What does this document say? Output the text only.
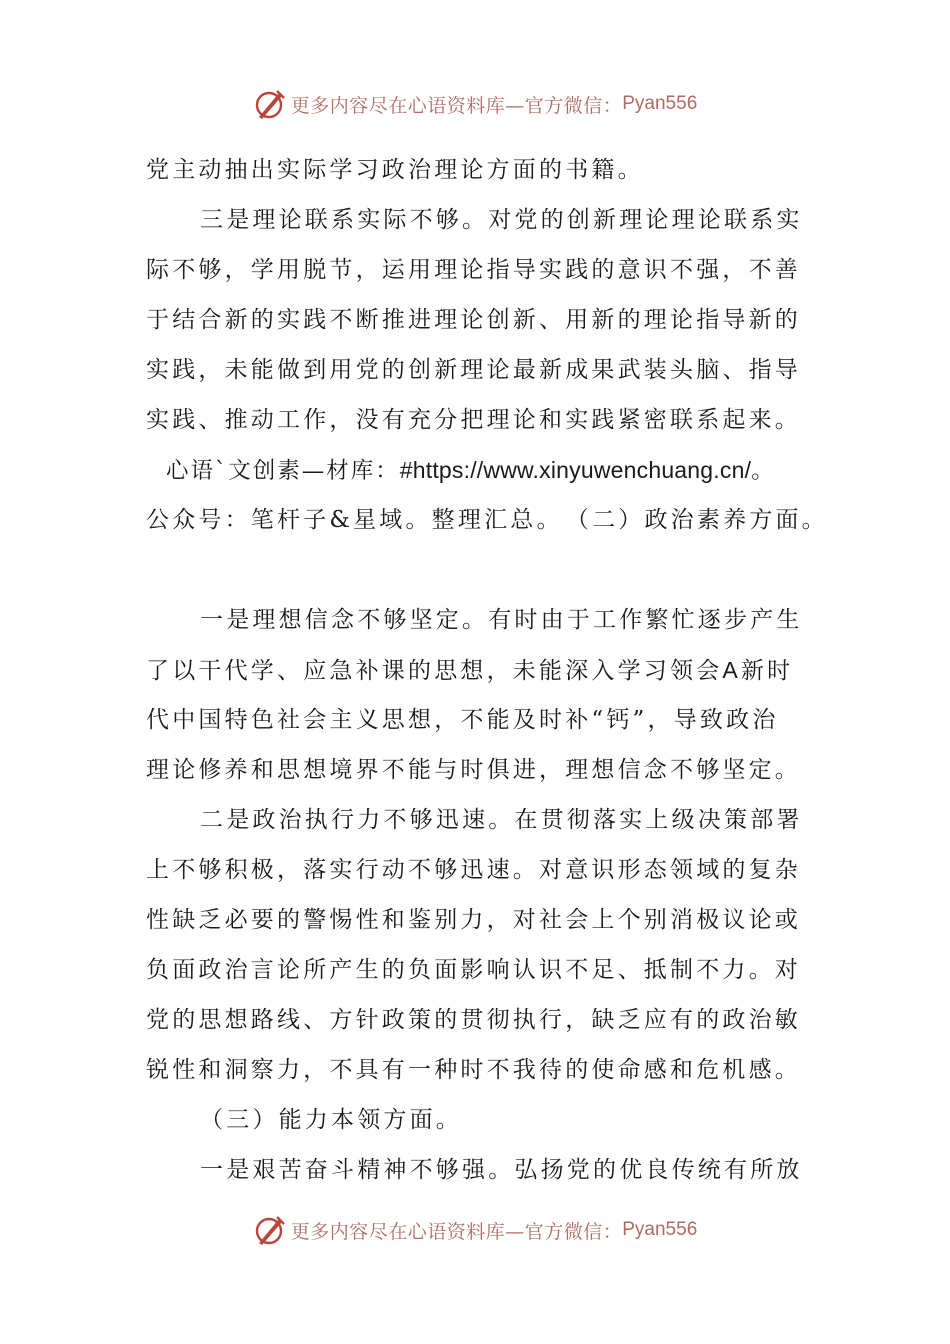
更多内容尽在心语资料库—官方微信： Pyan556
党主动抽出实际学习政治理论方面的书籍。
三是理论联系实际不够。对党的创新理论理论联系实
际不够，学用脱节，运用理论指导实践的意识不强，不善
于结合新的实践不断推进理论创新、用新的理论指导新的
实践，未能做到用党的创新理论最新成果武装头脑、指导
实践、推动工作，没有充分把理论和实践紧密联系起来。
心语`文创素—材库：#https://www.xinyuwenchuang.cn/。
公众号：笔杆子&星域。整理汇总。　（二）政治素养方面。
一是理想信念不够坚定。有时由于工作繁忙逐步产生
了以干代学、应急补课的思想，未能深入学习领会A新时
代中国特色社会主义思想，不能及时补“钙”，导致政治
理论修养和思想境界不能与时俱进，理想信念不够坚定。
二是政治执行力不够迅速。在贯彻落实上级决策部署
上不够积极，落实行动不够迅速。对意识形态领域的复杂
性缺乏必要的警惕性和鉴别力，对社会上个别消极议论或
负面政治言论所产生的负面影响认识不足、抵制不力。对
党的思想路线、方针政策的贯彻执行，缺乏应有的政治敏
锐性和洞察力，不具有一种时不我待的使命感和危机感。
（三）能力本领方面。
一是艰苦奋斗精神不够强。弘扬党的优良传统有所放
更多内容尽在心语资料库—官方微信： Pyan556
